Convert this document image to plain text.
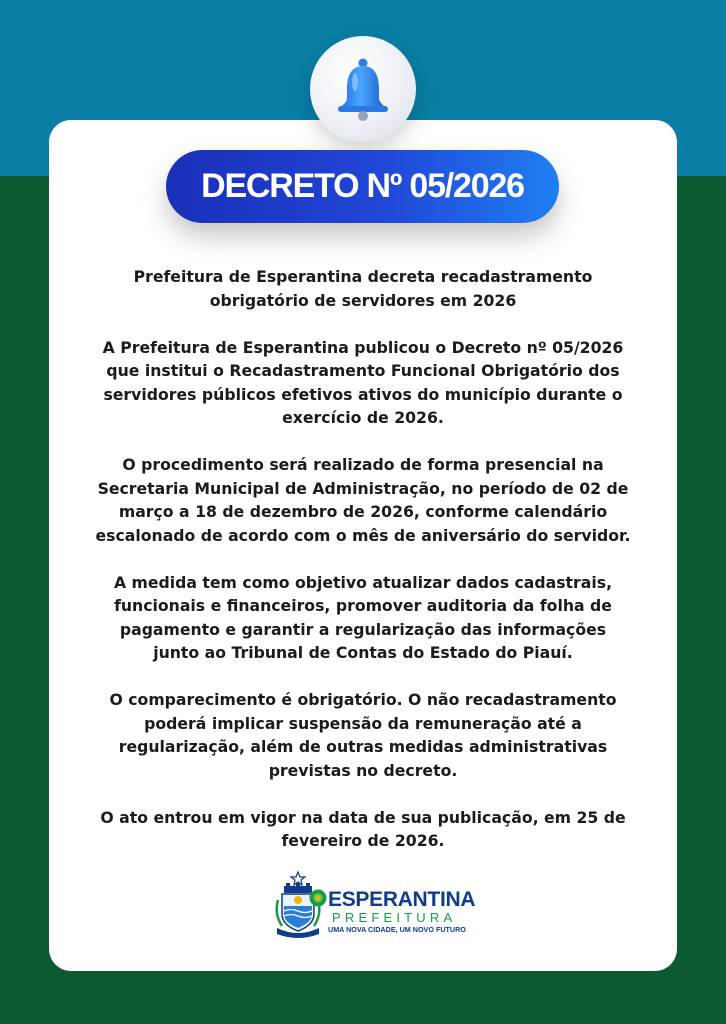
DECRETO Nº 05/2026

Prefeitura de Esperantina decreta recadastramento obrigatório de servidores em 2026

A Prefeitura de Esperantina publicou o Decreto nº 05/2026 que institui o Recadastramento Funcional Obrigatório dos servidores públicos efetivos ativos do município durante o exercício de 2026.

O procedimento será realizado de forma presencial na Secretaria Municipal de Administração, no período de 02 de março a 18 de dezembro de 2026, conforme calendário escalonado de acordo com o mês de aniversário do servidor.

A medida tem como objetivo atualizar dados cadastrais, funcionais e financeiros, promover auditoria da folha de pagamento e garantir a regularização das informações junto ao Tribunal de Contas do Estado do Piauí.

O comparecimento é obrigatório. O não recadastramento poderá implicar suspensão da remuneração até a regularização, além de outras medidas administrativas previstas no decreto.

O ato entrou em vigor na data de sua publicação, em 25 de fevereiro de 2026.

ESPERANTINA
PREFEITURA
UMA NOVA CIDADE, UM NOVO FUTURO
